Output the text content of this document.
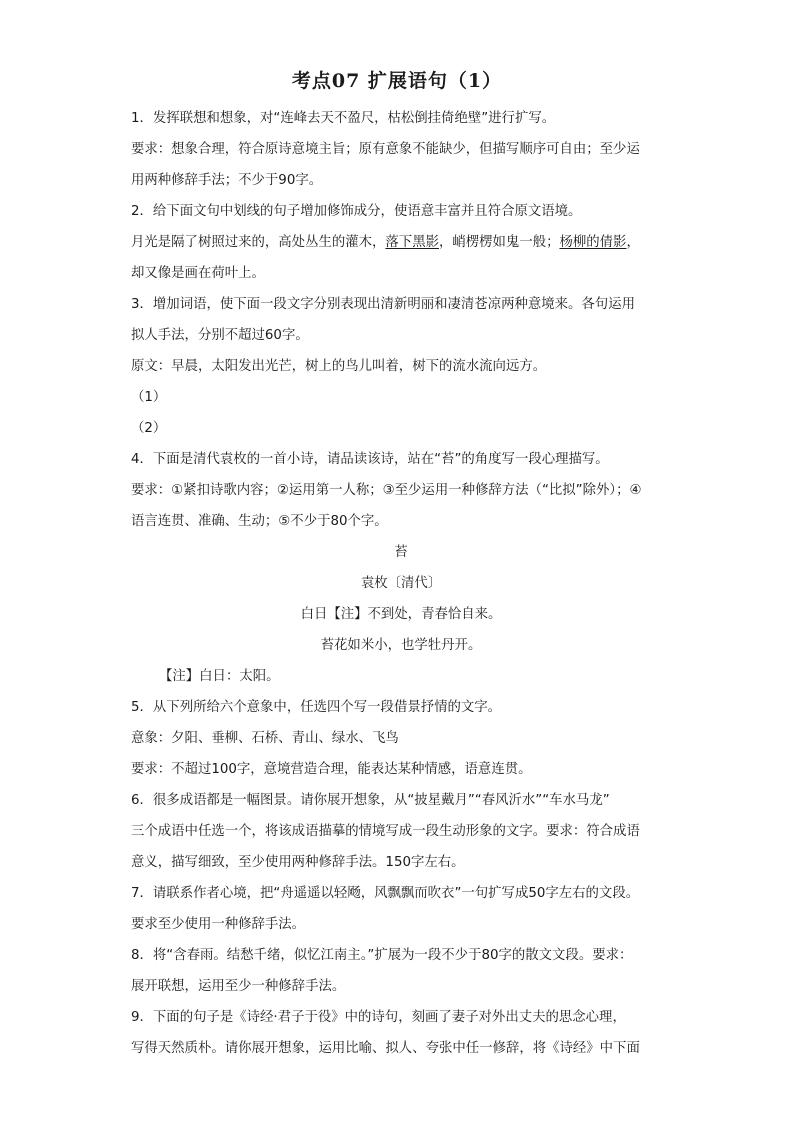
考点07 扩展语句（1）

1．发挥联想和想象，对“连峰去天不盈尺，枯松倒挂倚绝壁”进行扩写。

要求：想象合理，符合原诗意境主旨；原有意象不能缺少，但描写顺序可自由；至少运

用两种修辞手法；不少于90字。

2．给下面文句中划线的句子增加修饰成分，使语意丰富并且符合原文语境。

月光是隔了树照过来的，高处丛生的灌木，落下黑影，峭楞楞如鬼一般；杨柳的倩影，

却又像是画在荷叶上。

3．增加词语，使下面一段文字分别表现出清新明丽和凄清苍凉两种意境来。各句运用

拟人手法，分别不超过60字。

原文：早晨，太阳发出光芒，树上的鸟儿叫着，树下的流水流向远方。

（1）

（2）

4．下面是清代袁枚的一首小诗，请品读该诗，站在“苔”的角度写一段心理描写。

要求：①紧扣诗歌内容；②运用第一人称；③至少运用一种修辞方法（“比拟”除外）；④

语言连贯、准确、生动；⑤不少于80个字。

苔

袁枚〔清代〕

白日【注】不到处，青春恰自来。

苔花如米小，也学牡丹开。

【注】白日：太阳。

5．从下列所给六个意象中，任选四个写一段借景抒情的文字。

意象：夕阳、垂柳、石桥、青山、绿水、飞鸟

要求：不超过100字，意境营造合理，能表达某种情感，语意连贯。

6．很多成语都是一幅图景。请你展开想象，从“披星戴月”“春风沂水”“车水马龙”

三个成语中任选一个，将该成语描摹的情境写成一段生动形象的文字。要求：符合成语

意义，描写细致，至少使用两种修辞手法。150字左右。

7．请联系作者心境，把“舟遥遥以轻飏，风飘飘而吹衣”一句扩写成50字左右的文段。

要求至少使用一种修辞手法。

8．将“含春雨。结愁千绪，似忆江南主。”扩展为一段不少于80字的散文文段。要求：

展开联想，运用至少一种修辞手法。

9．下面的句子是《诗经·君子于役》中的诗句，刻画了妻子对外出丈夫的思念心理，

写得天然质朴。请你展开想象，运用比喻、拟人、夸张中任一修辞，将《诗经》中下面
